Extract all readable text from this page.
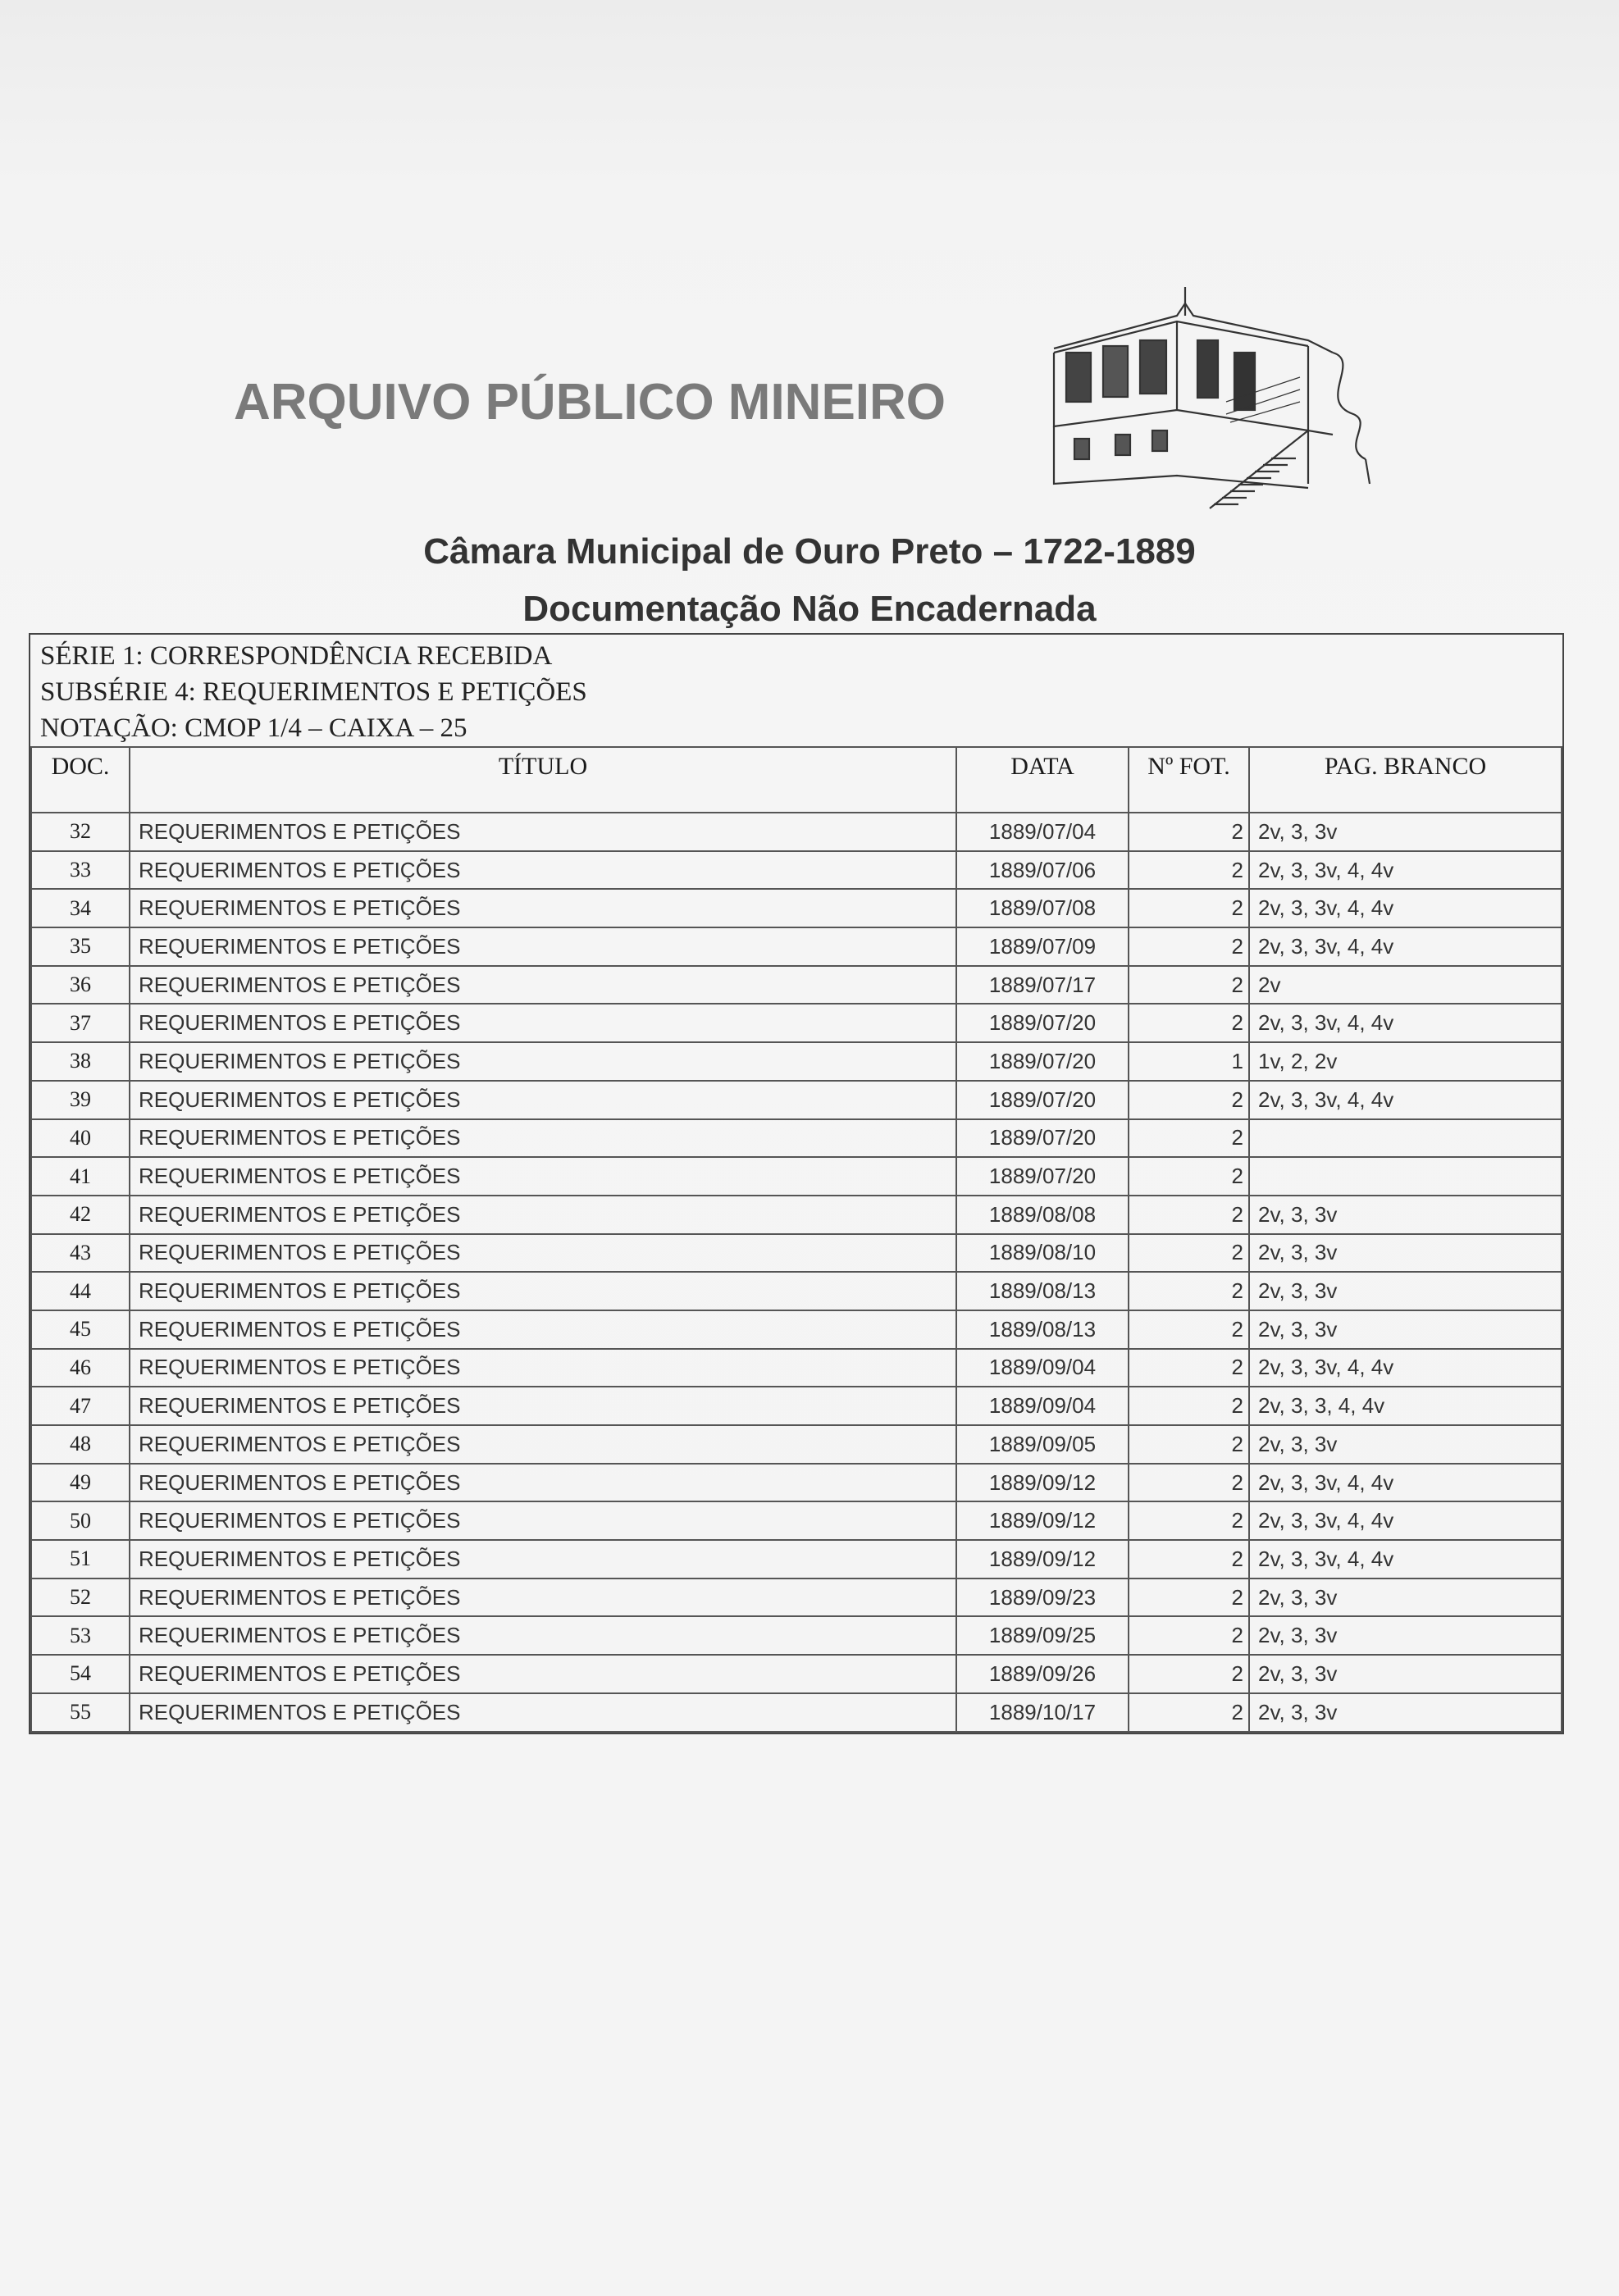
ARQUIVO PÚBLICO MINEIRO
Câmara Municipal de Ouro Preto – 1722-1889
Documentação Não Encadernada
SÉRIE 1: CORRESPONDÊNCIA RECEBIDA
SUBSÉRIE 4: REQUERIMENTOS E PETIÇÕES
NOTAÇÃO: CMOP 1/4 – CAIXA – 25
DOC.	TÍTULO	DATA	Nº FOT.	PAG. BRANCO
32	REQUERIMENTOS E PETIÇÕES	1889/07/04	2	2v, 3, 3v
33	REQUERIMENTOS E PETIÇÕES	1889/07/06	2	2v, 3, 3v, 4, 4v
34	REQUERIMENTOS E PETIÇÕES	1889/07/08	2	2v, 3, 3v, 4, 4v
35	REQUERIMENTOS E PETIÇÕES	1889/07/09	2	2v, 3, 3v, 4, 4v
36	REQUERIMENTOS E PETIÇÕES	1889/07/17	2	2v
37	REQUERIMENTOS E PETIÇÕES	1889/07/20	2	2v, 3, 3v, 4, 4v
38	REQUERIMENTOS E PETIÇÕES	1889/07/20	1	1v, 2, 2v
39	REQUERIMENTOS E PETIÇÕES	1889/07/20	2	2v, 3, 3v, 4, 4v
40	REQUERIMENTOS E PETIÇÕES	1889/07/20	2	
41	REQUERIMENTOS E PETIÇÕES	1889/07/20	2	
42	REQUERIMENTOS E PETIÇÕES	1889/08/08	2	2v, 3, 3v
43	REQUERIMENTOS E PETIÇÕES	1889/08/10	2	2v, 3, 3v
44	REQUERIMENTOS E PETIÇÕES	1889/08/13	2	2v, 3, 3v
45	REQUERIMENTOS E PETIÇÕES	1889/08/13	2	2v, 3, 3v
46	REQUERIMENTOS E PETIÇÕES	1889/09/04	2	2v, 3, 3v, 4, 4v
47	REQUERIMENTOS E PETIÇÕES	1889/09/04	2	2v, 3, 3, 4, 4v
48	REQUERIMENTOS E PETIÇÕES	1889/09/05	2	2v, 3, 3v
49	REQUERIMENTOS E PETIÇÕES	1889/09/12	2	2v, 3, 3v, 4, 4v
50	REQUERIMENTOS E PETIÇÕES	1889/09/12	2	2v, 3, 3v, 4, 4v
51	REQUERIMENTOS E PETIÇÕES	1889/09/12	2	2v, 3, 3v, 4, 4v
52	REQUERIMENTOS E PETIÇÕES	1889/09/23	2	2v, 3, 3v
53	REQUERIMENTOS E PETIÇÕES	1889/09/25	2	2v, 3, 3v
54	REQUERIMENTOS E PETIÇÕES	1889/09/26	2	2v, 3, 3v
55	REQUERIMENTOS E PETIÇÕES	1889/10/17	2	2v, 3, 3v
